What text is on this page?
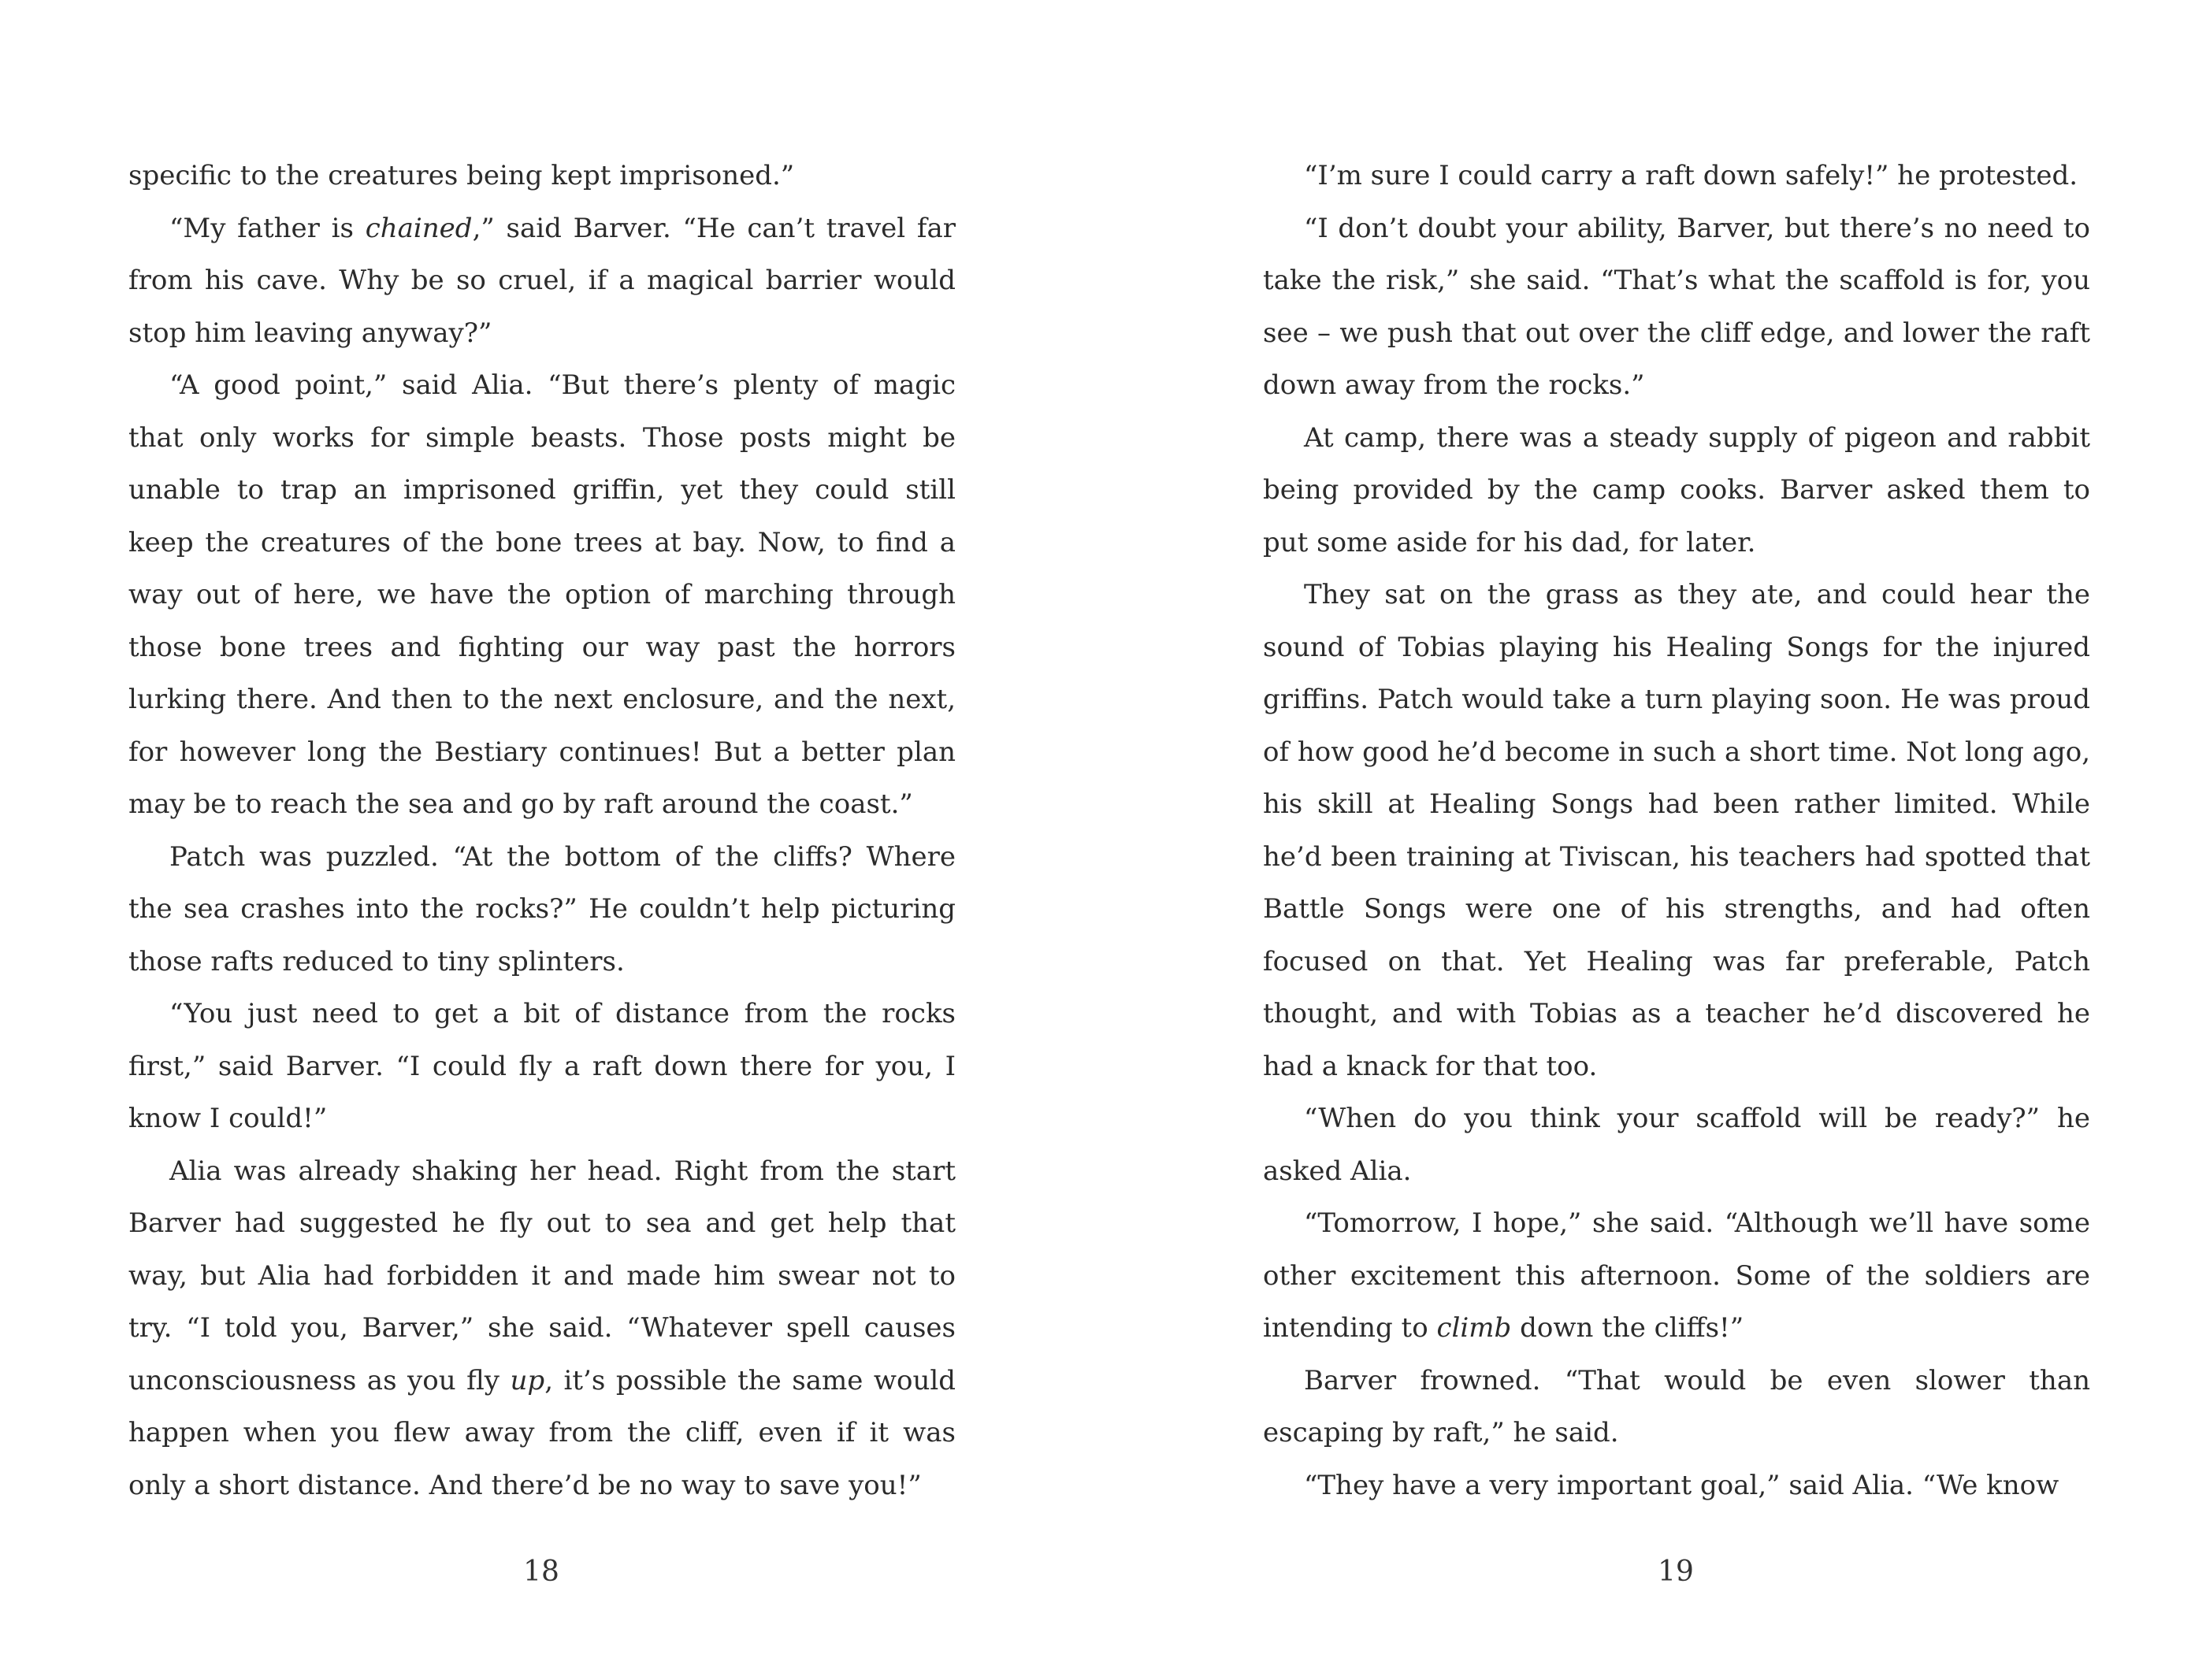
specific to the creatures being kept imprisoned.”

“My father is chained,” said Barver. “He can’t travel far from his cave. Why be so cruel, if a magical barrier would stop him leaving anyway?”

“A good point,” said Alia. “But there’s plenty of magic that only works for simple beasts. Those posts might be unable to trap an imprisoned griffin, yet they could still keep the creatures of the bone trees at bay. Now, to find a way out of here, we have the option of marching through those bone trees and fighting our way past the horrors lurking there. And then to the next enclosure, and the next, for however long the Bestiary continues! But a better plan may be to reach the sea and go by raft around the coast.”

Patch was puzzled. “At the bottom of the cliffs? Where the sea crashes into the rocks?” He couldn’t help picturing those rafts reduced to tiny splinters.

“You just need to get a bit of distance from the rocks first,” said Barver. “I could fly a raft down there for you, I know I could!”

Alia was already shaking her head. Right from the start Barver had suggested he fly out to sea and get help that way, but Alia had forbidden it and made him swear not to try. “I told you, Barver,” she said. “Whatever spell causes unconsciousness as you fly up, it’s possible the same would happen when you flew away from the cliff, even if it was only a short distance. And there’d be no way to save you!”

“I’m sure I could carry a raft down safely!” he protested.

“I don’t doubt your ability, Barver, but there’s no need to take the risk,” she said. “That’s what the scaffold is for, you see – we push that out over the cliff edge, and lower the raft down away from the rocks.”

At camp, there was a steady supply of pigeon and rabbit being provided by the camp cooks. Barver asked them to put some aside for his dad, for later.

They sat on the grass as they ate, and could hear the sound of Tobias playing his Healing Songs for the injured griffins. Patch would take a turn playing soon. He was proud of how good he’d become in such a short time. Not long ago, his skill at Healing Songs had been rather limited. While he’d been training at Tiviscan, his teachers had spotted that Battle Songs were one of his strengths, and had often focused on that. Yet Healing was far preferable, Patch thought, and with Tobias as a teacher he’d discovered he had a knack for that too.

“When do you think your scaffold will be ready?” he asked Alia.

“Tomorrow, I hope,” she said. “Although we’ll have some other excitement this afternoon. Some of the soldiers are intending to climb down the cliffs!”

Barver frowned. “That would be even slower than escaping by raft,” he said.

“They have a very important goal,” said Alia. “We know

18	19
